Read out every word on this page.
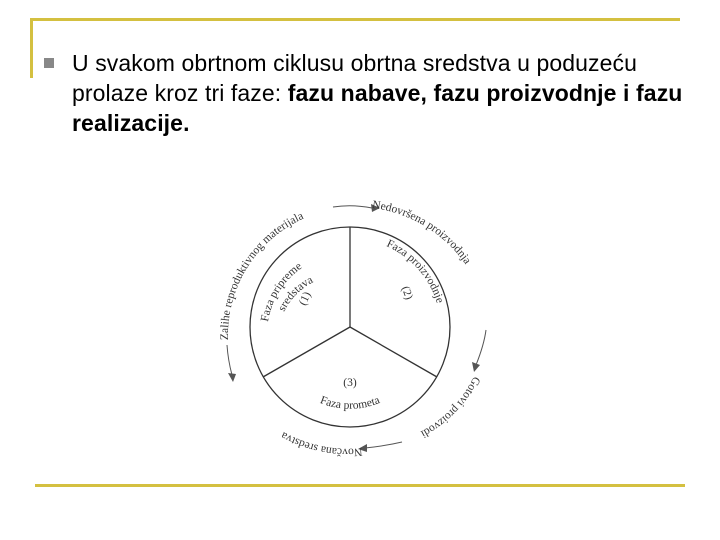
U svakom obrtnom ciklusu obrtna sredstva u poduzeću prolaze kroz tri faze: fazu nabave, fazu proizvodnje i fazu realizacije.
Zalihe reproduktivnog materijala
Nedovršena proizvodnja
Gotovi proizvodi
Novčana sredstva
Faza pripreme
sredstava
(1)
Faza proizvodnje
(2)
(3)
Faza prometa
